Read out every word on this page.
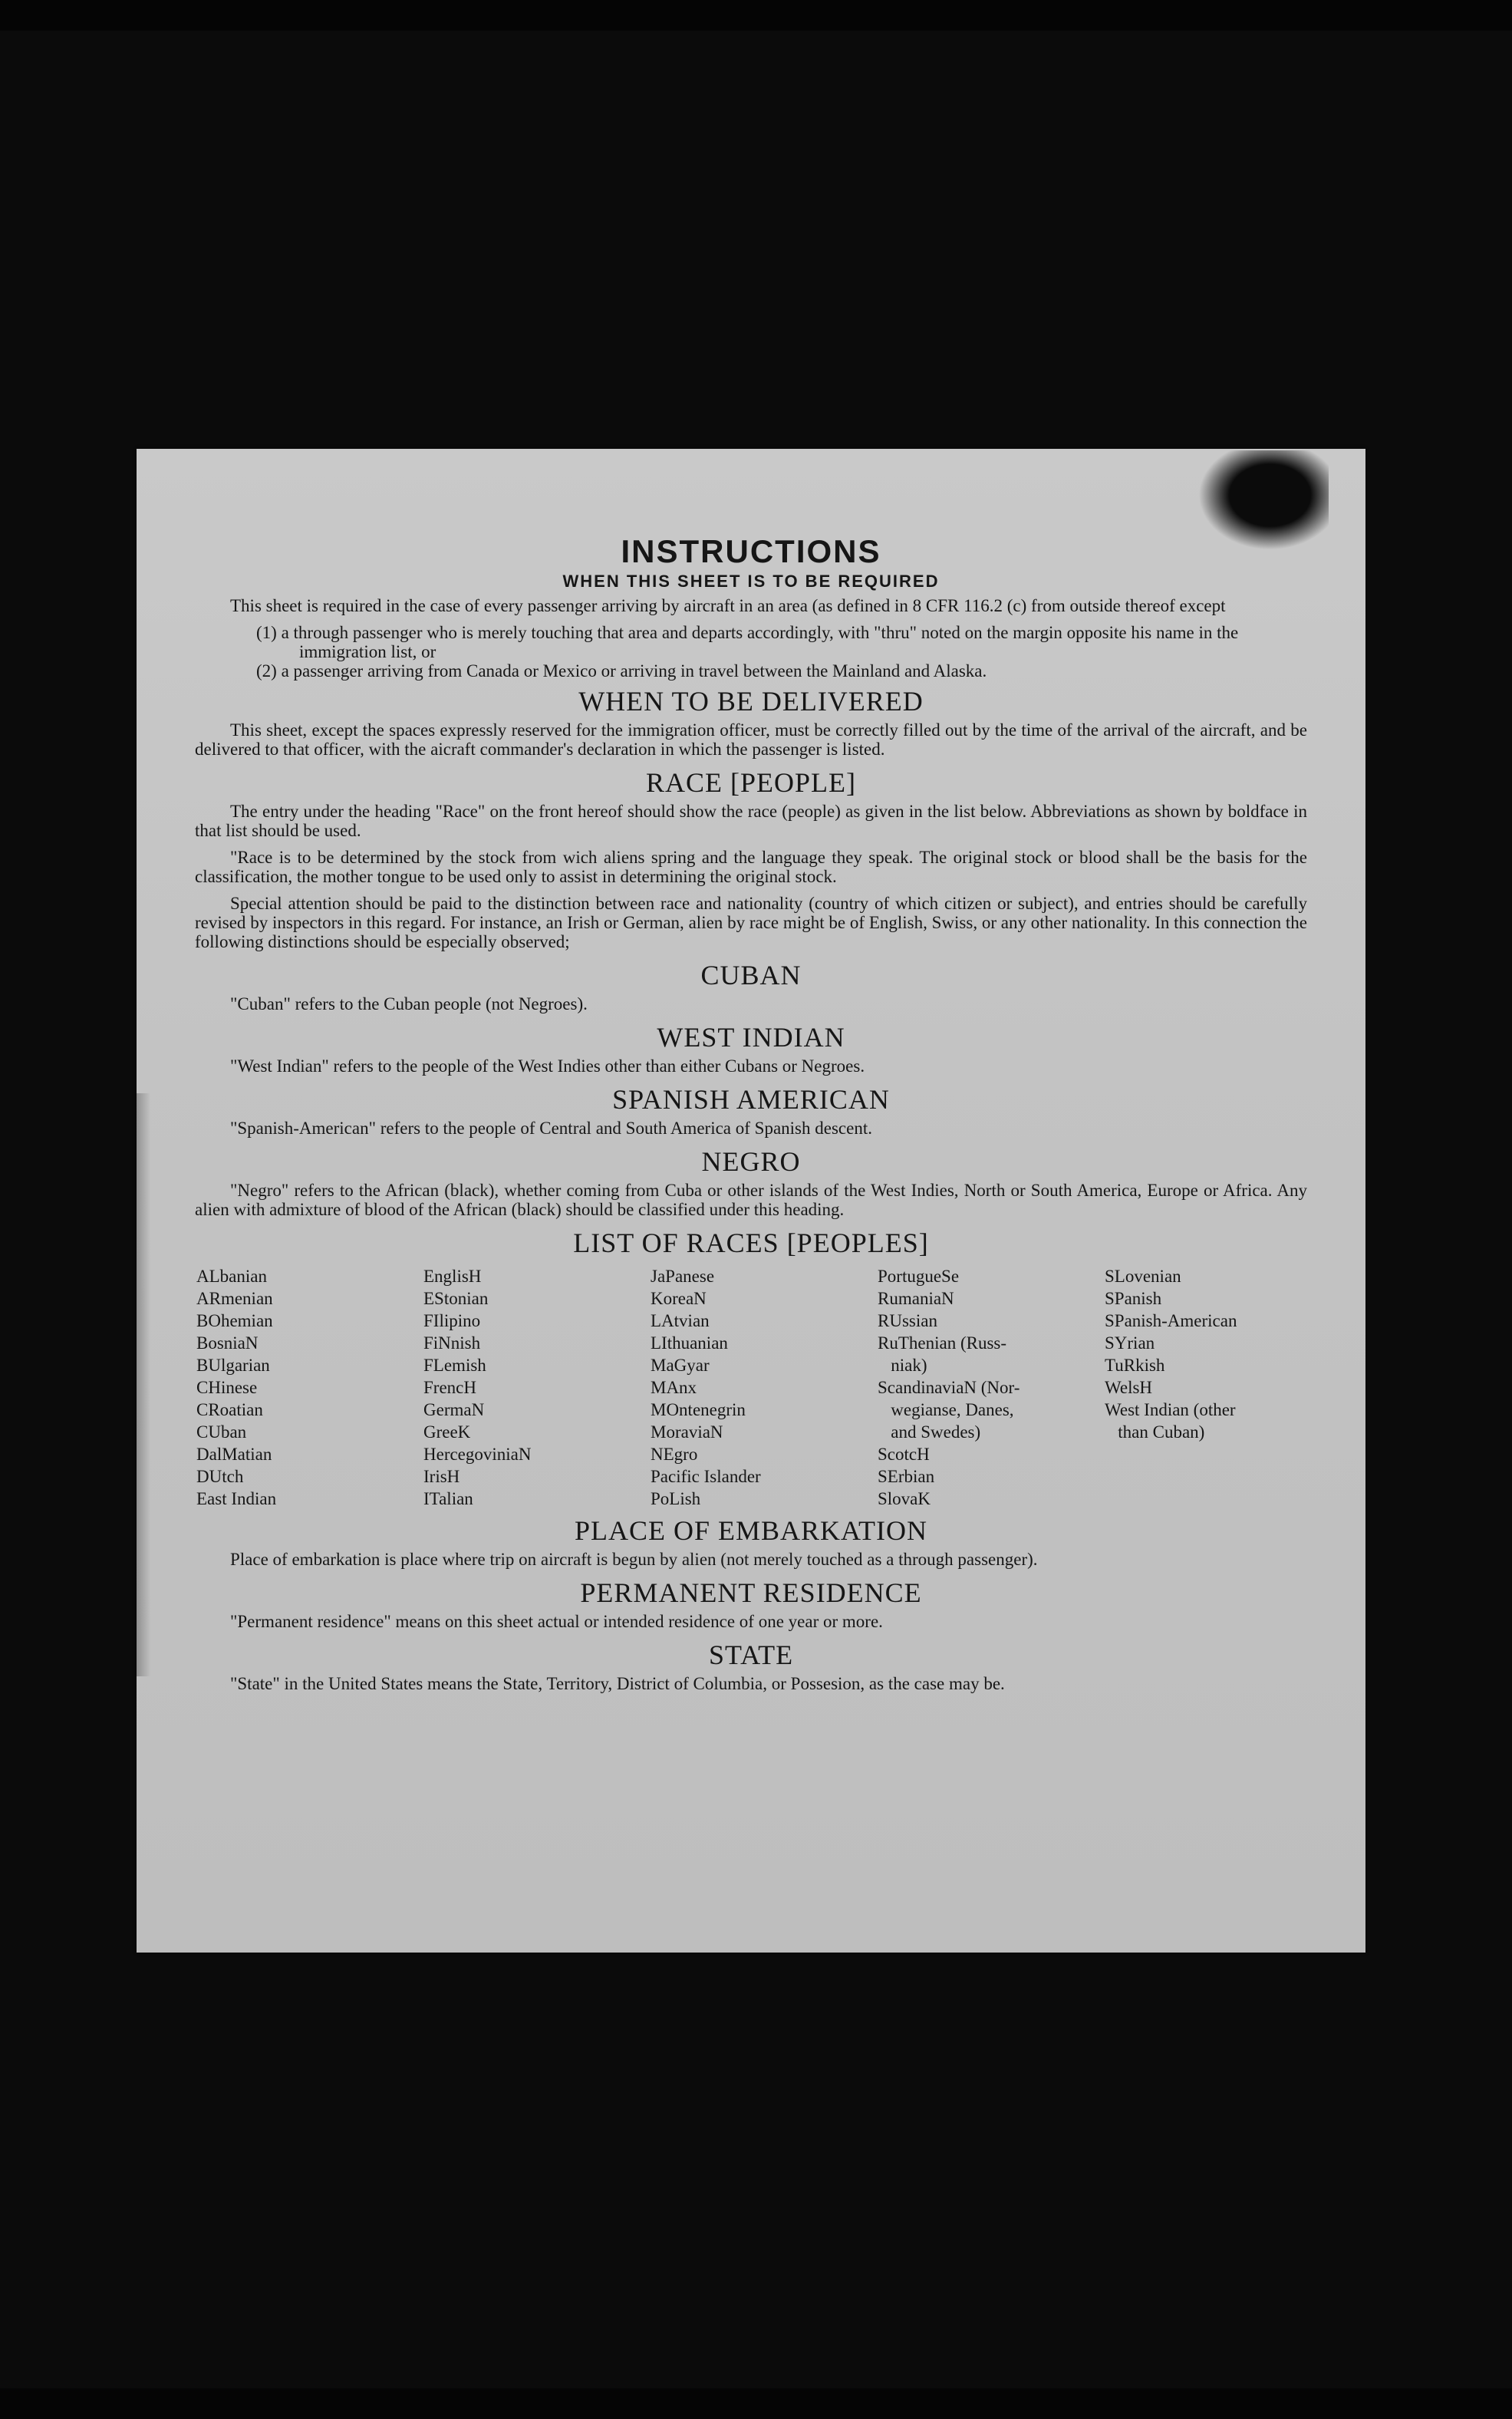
INSTRUCTIONS
WHEN THIS SHEET IS TO BE REQUIRED

This sheet is required in the case of every passenger arriving by aircraft in an area (as defined in 8 CFR 116.2 (c) from outside thereof except

(1) a through passenger who is merely touching that area and departs accordingly, with "thru" noted on the margin opposite his name in the immigration list, or
(2) a passenger arriving from Canada or Mexico or arriving in travel between the Mainland and Alaska.
WHEN TO BE DELIVERED

This sheet, except the spaces expressly reserved for the immigration officer, must be correctly filled out by the time of the arrival of the aircraft, and be delivered to that officer, with the aicraft commander's declaration in which the passenger is listed.

RACE [PEOPLE]

The entry under the heading "Race" on the front hereof should show the race (people) as given in the list below. Abbreviations as shown by boldface in that list should be used.

"Race is to be determined by the stock from wich aliens spring and the language they speak. The original stock or blood shall be the basis for the classification, the mother tongue to be used only to assist in determining the original stock.

Special attention should be paid to the distinction between race and nationality (country of which citizen or subject), and entries should be carefully revised by inspectors in this regard. For instance, an Irish or German, alien by race might be of English, Swiss, or any other nationality. In this connection the following distinctions should be especially observed;

CUBAN

"Cuban" refers to the Cuban people (not Negroes).

WEST INDIAN

"West Indian" refers to the people of the West Indies other than either Cubans or Negroes.

SPANISH AMERICAN

"Spanish-American" refers to the people of Central and South America of Spanish descent.

NEGRO

"Negro" refers to the African (black), whether coming from Cuba or other islands of the West Indies, North or South America, Europe or Africa. Any alien with admixture of blood of the African (black) should be classified under this heading.

LIST OF RACES [PEOPLES]
ALbanian
ARmenian
BOhemian
BosniaN
BUlgarian
CHinese
CRoatian
CUban
DalMatian
DUtch
East Indian
EnglisH
EStonian
FIlipino
FiNnish
FLemish
FrencH
GermaN
GreeK
HercegoviniaN
IrisH
ITalian
JaPanese
KoreaN
LAtvian
LIthuanian
MaGyar
MAnx
MOntenegrin
MoraviaN
NEgro
Pacific Islander
PoLish
PortugueSe
RumaniaN
RUssian
RuThenian (Russ-
niak)
ScandinaviaN (Nor-
wegianse, Danes,
and Swedes)
ScotcH
SErbian
SlovaK
SLovenian
SPanish
SPanish-American
SYrian
TuRkish
WelsH
West Indian (other
than Cuban)
PLACE OF EMBARKATION

Place of embarkation is place where trip on aircraft is begun by alien (not merely touched as a through passenger).

PERMANENT RESIDENCE

"Permanent residence" means on this sheet actual or intended residence of one year or more.

STATE

"State" in the United States means the State, Territory, District of Columbia, or Possesion, as the case may be.
